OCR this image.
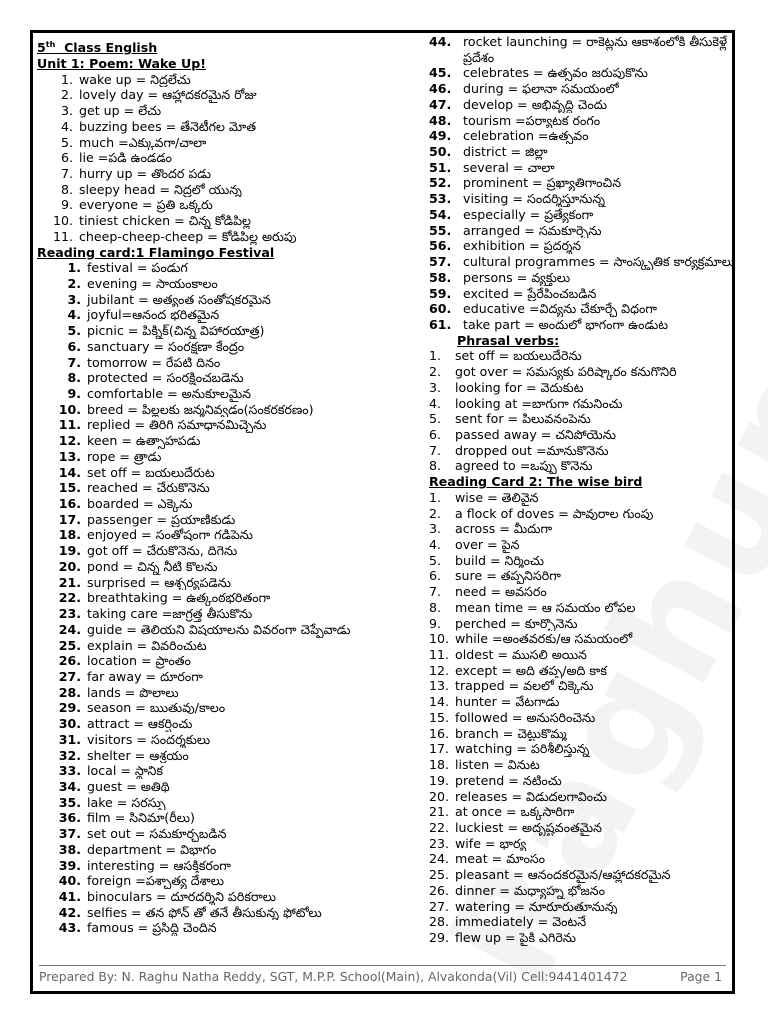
5th  Class English
Unit 1: Poem: Wake Up!
1. wake up = నిద్రలేచు
2. lovely day = ఆహ్లాదకరమైన రోజు
3. get up = లేచు
4. buzzing bees = తేనెటీగల మోత
5. much =ఎక్కువగా/చాలా
6. lie =పడి ఉండడం
7. hurry up = తొందర పడు
8. sleepy head = నిద్రలో యున్న
9. everyone = ప్రతి ఒక్కరు
10. tiniest chicken = చిన్న కోడిపిల్ల
11. cheep-cheep-cheep = కోడిపిల్ల అరుపు
Reading card:1 Flamingo Festival
1. festival = పండుగ
2. evening = సాయంకాలం
3. jubilant = అత్యంత సంతోషకరమైన
4. joyful=ఆనంద భరితమైన
5. picnic = పిక్నిక్(చిన్న విహారయాత్ర)
6. sanctuary = సంరక్షణా కేంద్రం
7. tomorrow = రేపటి దినం
8. protected = సంరక్షించబడెను
9. comfortable = అనుకూలమైన
10. breed = పిల్లలకు జన్మనివ్వడం(సంకరకరణం)
11. replied = తిరిగి సమాధానమిచ్చెను
12. keen = ఉత్సాహపడు
13. rope = త్రాడు
14. set off = బయలుదేరుట
15. reached = చేరుకొనెను
16. boarded = ఎక్కెను
17. passenger = ప్రయాణికుడు
18. enjoyed = సంతోషంగా గడిపెను
19. got off = చేరుకొనెను, దిగెను
20. pond = చిన్న నీటి కొలను
21. surprised = ఆశ్చర్యపడెను
22. breathtaking = ఉత్కంఠభరితంగా
23. taking care =జాగ్రత్త తీసుకొను
24. guide = తెలియని విషయాలను వివరంగా చెప్పేవాడు
25. explain = వివరించుట
26. location = ప్రాంతం
27. far away = దూరంగా
28. lands = పొలాలు
29. season = ఋతువు/కాలం
30. attract = ఆకర్షించు
31. visitors = సందర్శకులు
32. shelter = ఆశ్రయం
33. local = స్థానిక
34. guest = అతిథి
35. lake = సరస్సు
36. film = సినిమా(రీలు)
37. set out = సమకూర్చబడిన
38. department = విభాగం
39. interesting = ఆసక్తికరంగా
40. foreign =పశ్చాత్య దేశాలు
41. binoculars = దూరదర్శిని పరికరాలు
42. selfies = తన ఫోన్ తో తనే తీసుకున్న ఫోటోలు
43. famous = ప్రసిద్ధి చెందిన
44. rocket launching = రాకెట్లను ఆకాశంలోకి తీసుకెళ్లే ప్రదేశం
45. celebrates = ఉత్సవం జరుపుకొను
46. during = ఫలానా సమయంలో
47. develop = అభివృద్ధి చెందు
48. tourism =పర్యాటక రంగం
49. celebration =ఉత్సవం
50. district = జిల్లా
51. several = చాలా
52. prominent = ప్రఖ్యాతిగాంచిన
53. visiting = సందర్శిస్తూనున్న
54. especially = ప్రత్యేకంగా
55. arranged = సమకూర్చెను
56. exhibition = ప్రదర్శన
57. cultural programmes = సాంస్కృతిక కార్యక్రమాలు
58. persons = వ్యక్తులు
59. excited = ప్రేరేపించబడిన
60. educative =విద్యను చేకూర్చే విధంగా
61. take part = అందులో భాగంగా ఉండుట
Phrasal verbs:
1.	set off = బయలుదేరెను
2.	got over = సమస్యకు పరిష్కారం కనుగొనిరి
3.	looking for = వెదుకుట
4.	looking at =బాగుగా గమనించు
5.	sent for = పిలువనంపెను
6.	passed away = చనిపోయెను
7.	dropped out =మానుకొనెను
8.	agreed to =ఒప్పు కొనెను
Reading Card 2: The wise bird
1.	wise = తెలివైన
2.	a flock of doves = పావురాల గుంపు
3.	across = మీదుగా
4.	over = పైన
5.	build = నిర్మించు
6.	sure = తప్పనిసరిగా
7.	need = అవసరం
8.	mean time = ఆ సమయం లోపల
9.	perched = కూర్చొనెను
10. while =అంతవరకు/ఆ సమయంలో
11. oldest = ముసలి అయిన
12. except = అది తప్ప/అది కాక
13. trapped = వలలో చిక్కెను
14. hunter = వేటగాడు
15. followed = అనుసరించెను
16. branch = చెట్టుకొమ్మ
17. watching = పరిశీలిస్తున్న
18. listen = వినుట
19. pretend = నటించు
20. releases = విడుదలగావించు
21. at once = ఒక్కసారిగా
22. luckiest = అదృష్టవంతమైన
23. wife = భార్య
24. meat = మాంసం
25. pleasant = ఆనందకరమైన/ఆహ్లాదకరమైన
26. dinner = మధ్యాహ్న భోజనం
27. watering = నూరూరుతూనున్న
28. immediately = వెంటనే
29. flew up = పైకి ఎగిరెను
Prepared By: N. Raghu Natha Reddy, SGT, M.P.P. School(Main), Alvakonda(Vil) Cell:9441401472	Page 1
